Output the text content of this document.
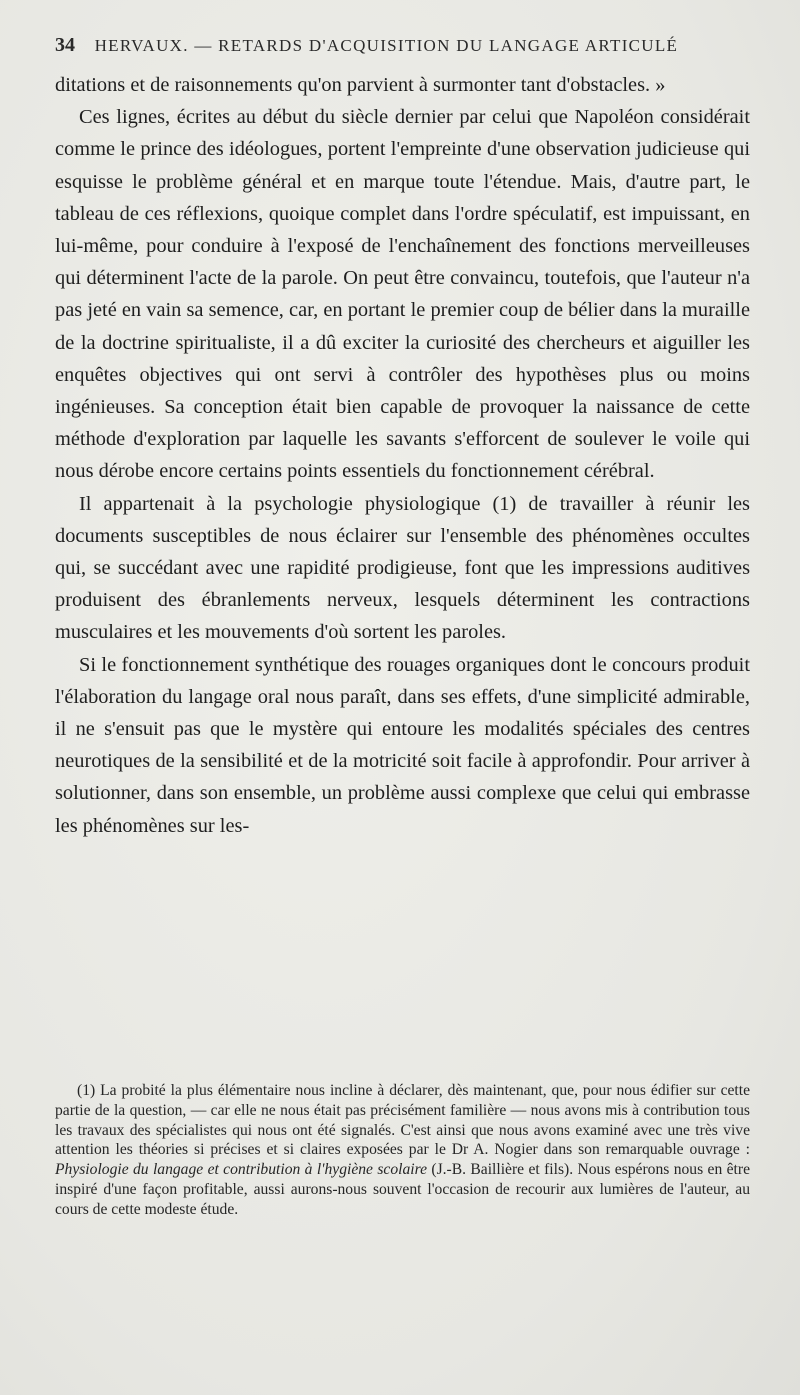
34 HERVAUX. — RETARDS D'ACQUISITION DU LANGAGE ARTICULÉ

ditations et de raisonnements qu'on parvient à surmonter tant d'obstacles. »

Ces lignes, écrites au début du siècle dernier par celui que Napoléon considérait comme le prince des idéologues, portent l'empreinte d'une observation judicieuse qui esquisse le problème général et en marque toute l'étendue. Mais, d'autre part, le tableau de ces réflexions, quoique complet dans l'ordre spéculatif, est impuissant, en lui-même, pour conduire à l'exposé de l'enchaînement des fonctions merveilleuses qui déterminent l'acte de la parole. On peut être convaincu, toutefois, que l'auteur n'a pas jeté en vain sa semence, car, en portant le premier coup de bélier dans la muraille de la doctrine spiritualiste, il a dû exciter la curiosité des chercheurs et aiguiller les enquêtes objectives qui ont servi à contrôler des hypothèses plus ou moins ingénieuses. Sa conception était bien capable de provoquer la naissance de cette méthode d'exploration par laquelle les savants s'efforcent de soulever le voile qui nous dérobe encore certains points essentiels du fonctionnement cérébral.

Il appartenait à la psychologie physiologique (1) de travailler à réunir les documents susceptibles de nous éclairer sur l'ensemble des phénomènes occultes qui, se succédant avec une rapidité prodigieuse, font que les impressions auditives produisent des ébranlements nerveux, lesquels déterminent les contractions musculaires et les mouvements d'où sortent les paroles.

Si le fonctionnement synthétique des rouages organiques dont le concours produit l'élaboration du langage oral nous paraît, dans ses effets, d'une simplicité admirable, il ne s'ensuit pas que le mystère qui entoure les modalités spéciales des centres neurotiques de la sensibilité et de la motricité soit facile à approfondir. Pour arriver à solutionner, dans son ensemble, un problème aussi complexe que celui qui embrasse les phénomènes sur les-

(1) La probité la plus élémentaire nous incline à déclarer, dès maintenant, que, pour nous édifier sur cette partie de la question, — car elle ne nous était pas précisément familière — nous avons mis à contribution tous les travaux des spécialistes qui nous ont été signalés. C'est ainsi que nous avons examiné avec une très vive attention les théories si précises et si claires exposées par le Dr A. Nogier dans son remarquable ouvrage : Physiologie du langage et contribution à l'hygiène scolaire (J.-B. Baillière et fils). Nous espérons nous en être inspiré d'une façon profitable, aussi aurons-nous souvent l'occasion de recourir aux lumières de l'auteur, au cours de cette modeste étude.
